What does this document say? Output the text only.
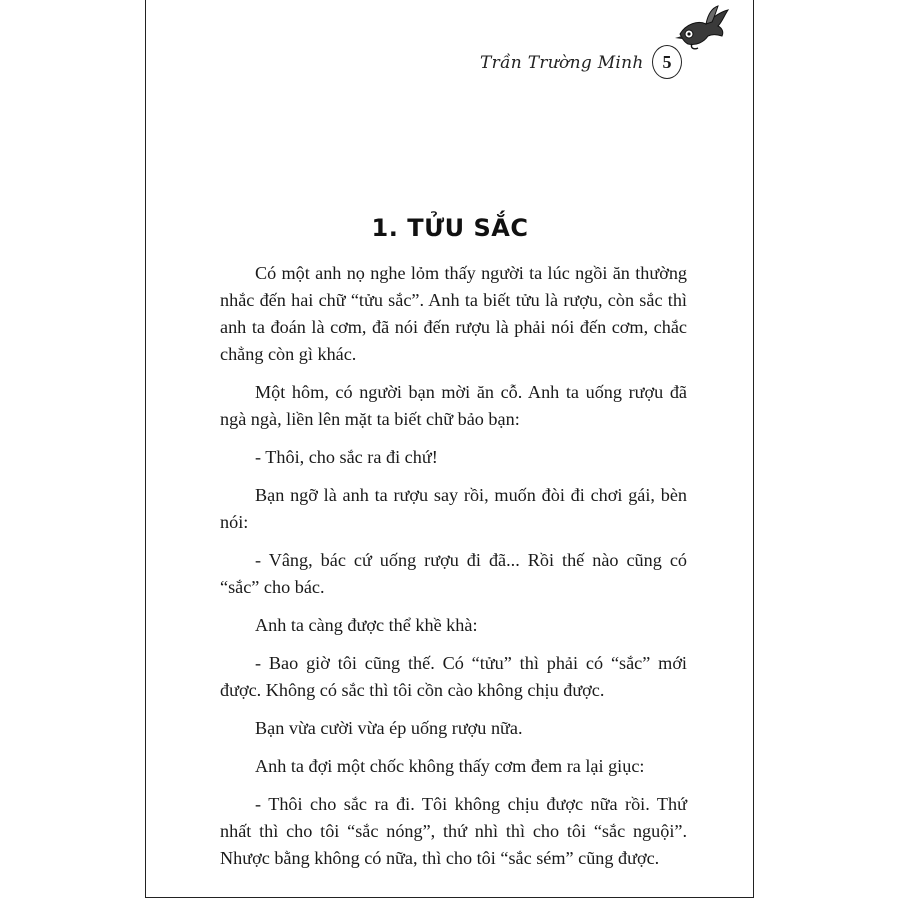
Trần Trường Minh	5
1. TỬU SẮC

Có một anh nọ nghe lỏm thấy người ta lúc ngồi ăn thường nhắc đến hai chữ “tửu sắc”. Anh ta biết tửu là rượu, còn sắc thì anh ta đoán là cơm, đã nói đến rượu là phải nói đến cơm, chắc chẳng còn gì khác.

Một hôm, có người bạn mời ăn cỗ. Anh ta uống rượu đã ngà ngà, liền lên mặt ta biết chữ bảo bạn:

- Thôi, cho sắc ra đi chứ!

Bạn ngỡ là anh ta rượu say rồi, muốn đòi đi chơi gái, bèn nói:

- Vâng, bác cứ uống rượu đi đã... Rồi thế nào cũng có “sắc” cho bác.

Anh ta càng được thể khề khà:

- Bao giờ tôi cũng thế. Có “tửu” thì phải có “sắc” mới được. Không có sắc thì tôi cồn cào không chịu được.

Bạn vừa cười vừa ép uống rượu nữa.

Anh ta đợi một chốc không thấy cơm đem ra lại giục:

- Thôi cho sắc ra đi. Tôi không chịu được nữa rồi. Thứ nhất thì cho tôi “sắc nóng”, thứ nhì thì cho tôi “sắc nguội”. Nhược bằng không có nữa, thì cho tôi “sắc sém” cũng được.
